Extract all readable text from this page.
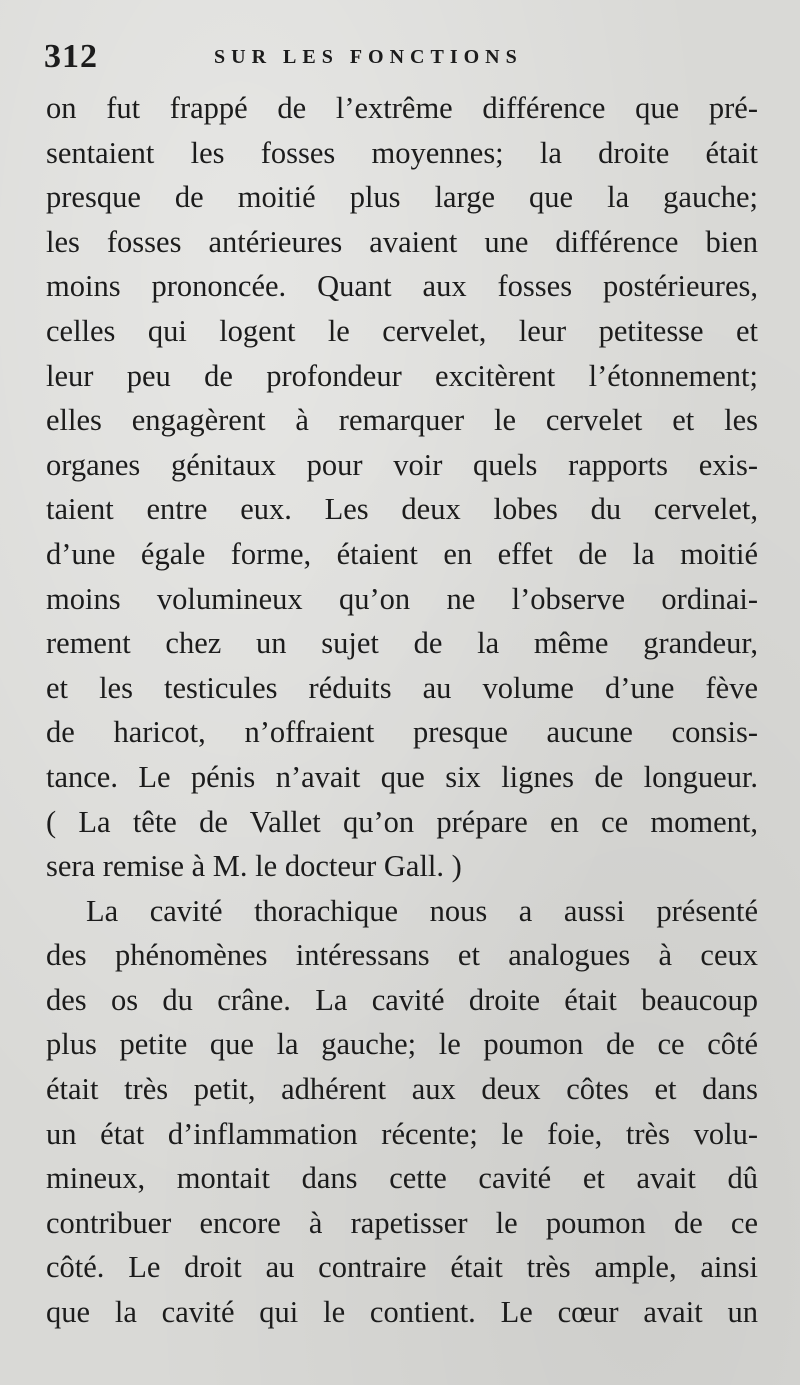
312	SUR LES FONCTIONS
on fut frappé de l’extrême différence que pré-
sentaient les fosses moyennes; la droite était
presque de moitié plus large que la gauche;
les fosses antérieures avaient une différence bien
moins prononcée. Quant aux fosses postérieures,
celles qui logent le cervelet, leur petitesse et
leur peu de profondeur excitèrent l’étonnement;
elles engagèrent à remarquer le cervelet et les
organes génitaux pour voir quels rapports exis-
taient entre eux. Les deux lobes du cervelet,
d’une égale forme, étaient en effet de la moitié
moins volumineux qu’on ne l’observe ordinai-
rement chez un sujet de la même grandeur,
et les testicules réduits au volume d’une fève
de haricot, n’offraient presque aucune consis-
tance. Le pénis n’avait que six lignes de longueur.
( La tête de Vallet qu’on prépare en ce moment,
sera remise à M. le docteur Gall. )
La cavité thorachique nous a aussi présenté
des phénomènes intéressans et analogues à ceux
des os du crâne. La cavité droite était beaucoup
plus petite que la gauche; le poumon de ce côté
était très petit, adhérent aux deux côtes et dans
un état d’inflammation récente; le foie, très volu-
mineux, montait dans cette cavité et avait dû
contribuer encore à rapetisser le poumon de ce
côté. Le droit au contraire était très ample, ainsi
que la cavité qui le contient. Le cœur avait un
